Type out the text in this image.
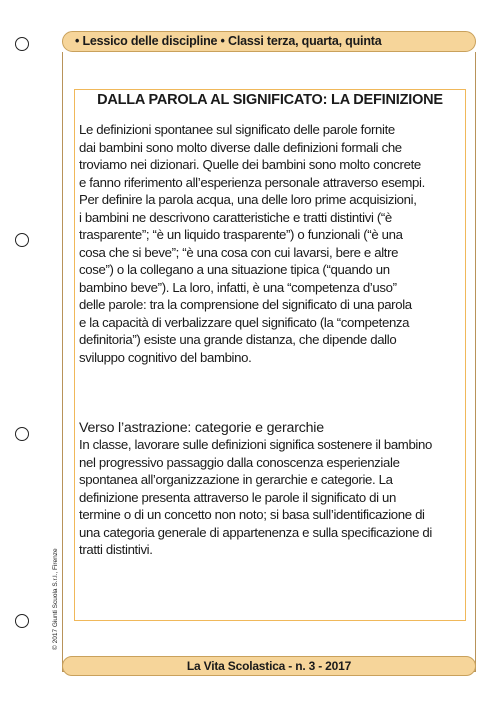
• Lessico delle discipline • Classi terza, quarta, quinta
DALLA PAROLA AL SIGNIFICATO: LA DEFINIZIONE

Le definizioni spontanee sul significato delle parole fornite
dai bambini sono molto diverse dalle definizioni formali che
troviamo nei dizionari. Quelle dei bambini sono molto concrete
e fanno riferimento all’esperienza personale attraverso esempi.
Per definire la parola acqua, una delle loro prime acquisizioni,
i bambini ne descrivono caratteristiche e tratti distintivi (“è
trasparente”; “è un liquido trasparente”) o funzionali (“è una
cosa che si beve”; “è una cosa con cui lavarsi, bere e altre
cose”) o la collegano a una situazione tipica (“quando un
bambino beve”). La loro, infatti, è una “competenza d’uso”
delle parole: tra la comprensione del significato di una parola
e la capacità di verbalizzare quel significato (la “competenza
definitoria”) esiste una grande distanza, che dipende dallo
sviluppo cognitivo del bambino.

Verso l’astrazione: categorie e gerarchie

In classe, lavorare sulle definizioni significa sostenere il bambino
nel progressivo passaggio dalla conoscenza esperienziale
spontanea all’organizzazione in gerarchie e categorie. La
definizione presenta attraverso le parole il significato di un
termine o di un concetto non noto; si basa sull’identificazione di
una categoria generale di appartenenza e sulla specificazione di
tratti distintivi.

© 2017 Giunti Scuola S.r.l., Firenze
La Vita Scolastica - n. 3 - 2017
